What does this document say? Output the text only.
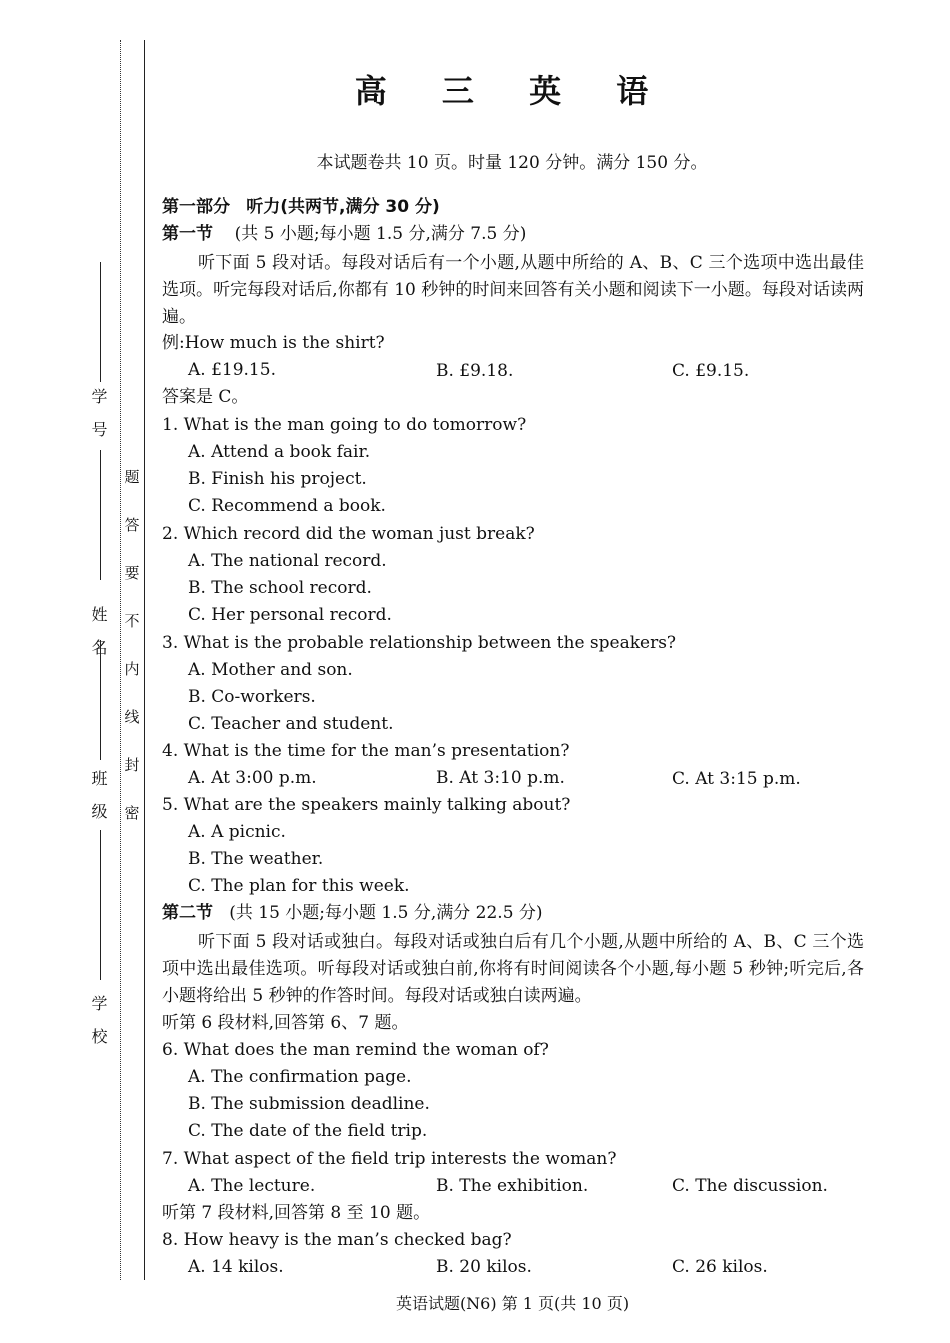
学 号
姓 名
班 级
学 校
题
答
要
不
内
线
封
密
高 三 英 语
本试题卷共 10 页。时量 120 分钟。满分 150 分。
第一部分 听力(共两节,满分 30 分)
第一节 (共 5 小题;每小题 1.5 分,满分 7.5 分)
听下面 5 段对话。每段对话后有一个小题,从题中所给的 A、B、C 三个选项中选出最佳选项。听完每段对话后,你都有 10 秒钟的时间来回答有关小题和阅读下一小题。每段对话读两遍。
例:How much is the shirt?
A. £19.15.	B. £9.18.	C. £9.15.
答案是 C。
1. What is the man going to do tomorrow?
A. Attend a book fair.
B. Finish his project.
C. Recommend a book.
2. Which record did the woman just break?
A. The national record.
B. The school record.
C. Her personal record.
3. What is the probable relationship between the speakers?
A. Mother and son.
B. Co-workers.
C. Teacher and student.
4. What is the time for the man’s presentation?
A. At 3:00 p.m.	B. At 3:10 p.m.	C. At 3:15 p.m.
5. What are the speakers mainly talking about?
A. A picnic.
B. The weather.
C. The plan for this week.
第二节 (共 15 小题;每小题 1.5 分,满分 22.5 分)
听下面 5 段对话或独白。每段对话或独白后有几个小题,从题中所给的 A、B、C 三个选项中选出最佳选项。听每段对话或独白前,你将有时间阅读各个小题,每小题 5 秒钟;听完后,各小题将给出 5 秒钟的作答时间。每段对话或独白读两遍。
听第 6 段材料,回答第 6、7 题。
6. What does the man remind the woman of?
A. The confirmation page.
B. The submission deadline.
C. The date of the field trip.
7. What aspect of the field trip interests the woman?
A. The lecture.	B. The exhibition.	C. The discussion.
听第 7 段材料,回答第 8 至 10 题。
8. How heavy is the man’s checked bag?
A. 14 kilos.	B. 20 kilos.	C. 26 kilos.
英语试题(N6) 第 1 页(共 10 页)
